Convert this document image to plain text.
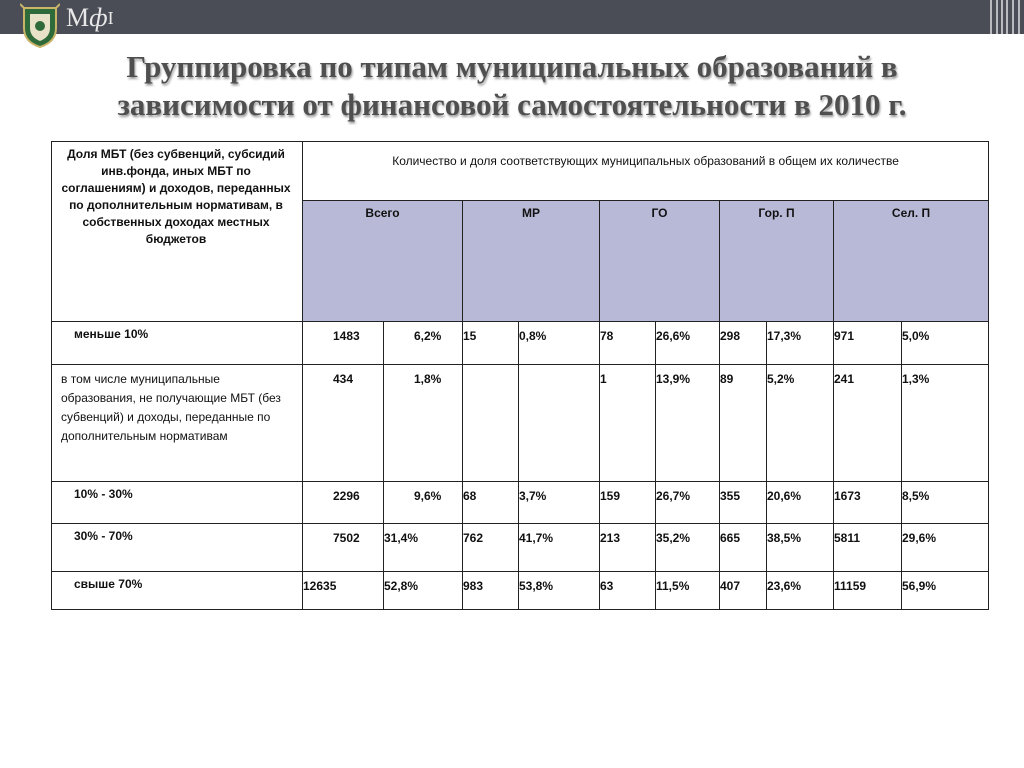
МфI
Группировка по типам муниципальных образований в зависимости от финансовой самостоятельности в 2010 г.
Доля МБТ (без субвенций, субсидий инв.фонда, иных МБТ по соглашениям) и доходов, переданных по дополнительным нормативам, в собственных доходах местных бюджетов	Количество и доля соответствующих муниципальных образований в общем их количестве									
	Всего		МР		ГО		Гор. П		Сел. П	
меньше 10%	1483	6,2%	15	0,8%	78	26,6%	298	17,3%	971	5,0%
в том числе муниципальные образования, не получающие МБТ (без субвенций) и доходы, переданные по дополнительным нормативам	434	1,8%			1	13,9%	89	5,2%	241	1,3%
10% - 30%	2296	9,6%	68	3,7%	159	26,7%	355	20,6%	1673	8,5%
30% - 70%	7502	31,4%	762	41,7%	213	35,2%	665	38,5%	5811	29,6%
свыше 70%	12635	52,8%	983	53,8%	63	11,5%	407	23,6%	11159	56,9%
